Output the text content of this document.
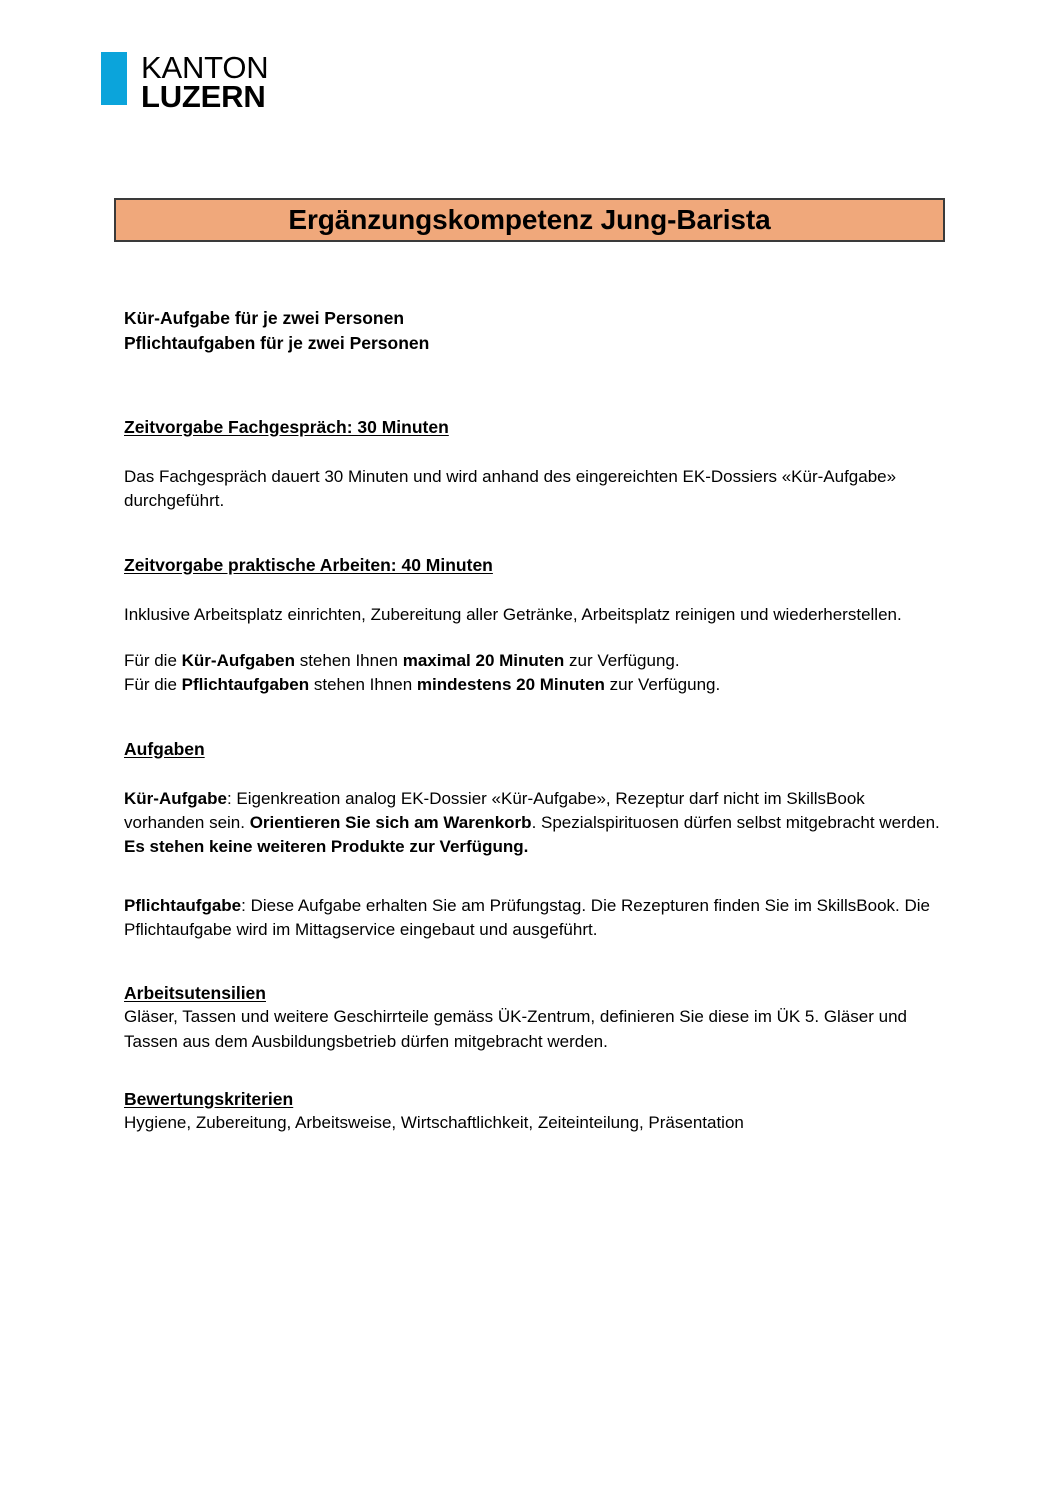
KANTON
LUZERN
Ergänzungskompetenz Jung-Barista

Kür-Aufgabe für je zwei Personen

Pflichtaufgaben für je zwei Personen

Zeitvorgabe Fachgespräch: 30 Minuten

Das Fachgespräch dauert 30 Minuten und wird anhand des eingereichten EK-Dossiers «Kür-Aufgabe» durchgeführt.

Zeitvorgabe praktische Arbeiten: 40 Minuten

Inklusive Arbeitsplatz einrichten, Zubereitung aller Getränke, Arbeitsplatz reinigen und wiederherstellen.

Für die Kür-Aufgaben stehen Ihnen maximal 20 Minuten zur Verfügung.

Für die Pflichtaufgaben stehen Ihnen mindestens 20 Minuten zur Verfügung.

Aufgaben

Kür-Aufgabe: Eigenkreation analog EK-Dossier «Kür-Aufgabe», Rezeptur darf nicht im SkillsBook vorhanden sein. Orientieren Sie sich am Warenkorb. Spezialspirituosen dürfen selbst mitgebracht werden. Es stehen keine weiteren Produkte zur Verfügung.

Pflichtaufgabe: Diese Aufgabe erhalten Sie am Prüfungstag. Die Rezepturen finden Sie im SkillsBook. Die Pflichtaufgabe wird im Mittagservice eingebaut und ausgeführt.

Arbeitsutensilien

Gläser, Tassen und weitere Geschirrteile gemäss ÜK-Zentrum, definieren Sie diese im ÜK 5. Gläser und Tassen aus dem Ausbildungsbetrieb dürfen mitgebracht werden.

Bewertungskriterien

Hygiene, Zubereitung, Arbeitsweise, Wirtschaftlichkeit, Zeiteinteilung, Präsentation
